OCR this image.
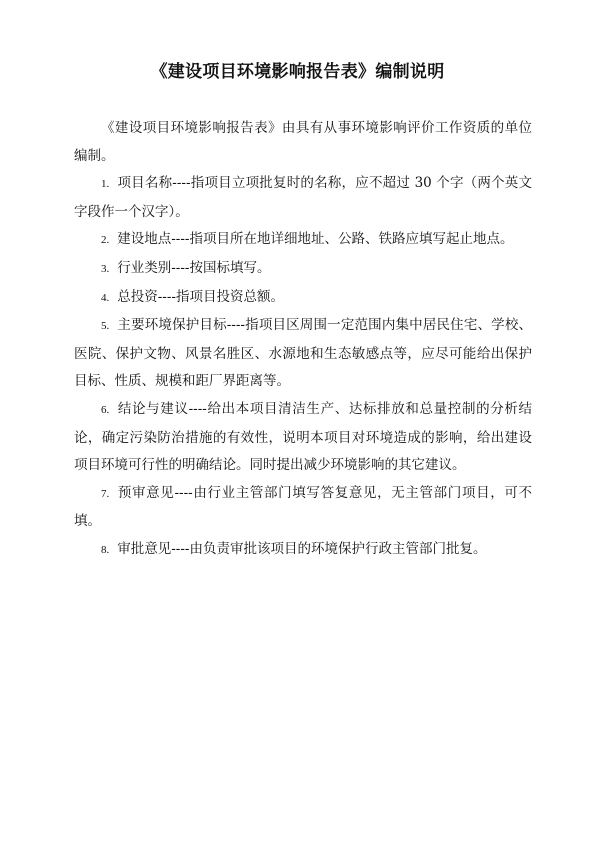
《建设项目环境影响报告表》编制说明

《建设项目环境影响报告表》由具有从事环境影响评价工作资质的单位编制。

1. 项目名称----指项目立项批复时的名称，应不超过 30 个字（两个英文字段作一个汉字）。

2. 建设地点----指项目所在地详细地址、公路、铁路应填写起止地点。

3. 行业类别----按国标填写。

4. 总投资----指项目投资总额。

5. 主要环境保护目标----指项目区周围一定范围内集中居民住宅、学校、医院、保护文物、风景名胜区、水源地和生态敏感点等，应尽可能给出保护目标、性质、规模和距厂界距离等。

6. 结论与建议----给出本项目清洁生产、达标排放和总量控制的分析结论，确定污染防治措施的有效性，说明本项目对环境造成的影响，给出建设项目环境可行性的明确结论。同时提出减少环境影响的其它建议。

7. 预审意见----由行业主管部门填写答复意见，无主管部门项目，可不填。

8. 审批意见----由负责审批该项目的环境保护行政主管部门批复。
